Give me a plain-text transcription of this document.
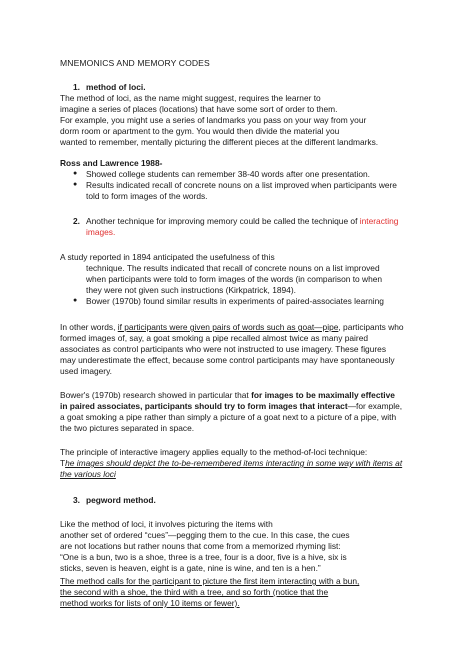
MNEMONICS AND MEMORY CODES
1. method of loci.
The method of loci, as the name might suggest, requires the learner to
imagine a series of places (locations) that have some sort of order to them.
For example, you might use a series of landmarks you pass on your way from your
dorm room or apartment to the gym. You would then divide the material you
wanted to remember, mentally picturing the different pieces at the different landmarks.
Ross and Lawrence 1988-
● Showed college students can remember 38-40 words after one presentation.
● Results indicated recall of concrete nouns on a list improved when participants were
told to form images of the words.
2. Another technique for improving memory could be called the technique of interacting
images.
A study reported in 1894 anticipated the usefulness of this
technique. The results indicated that recall of concrete nouns on a list improved
when participants were told to form images of the words (in comparison to when
they were not given such instructions (Kirkpatrick, 1894).
● Bower (1970b) found similar results in experiments of paired-associates learning
In other words, if participants were given pairs of words such as goat—pipe, participants who
formed images of, say, a goat smoking a pipe recalled almost twice as many paired
associates as control participants who were not instructed to use imagery. These figures
may underestimate the effect, because some control participants may have spontaneously
used imagery.
Bower's (1970b) research showed in particular that for images to be maximally effective
in paired associates, participants should try to form images that interact—for example,
a goat smoking a pipe rather than simply a picture of a goat next to a picture of a pipe, with
the two pictures separated in space.
The principle of interactive imagery applies equally to the method-of-loci technique:
The images should depict the to-be-remembered items interacting in some way with items at
the various loci
3. pegword method.
Like the method of loci, it involves picturing the items with
another set of ordered “cues”—pegging them to the cue. In this case, the cues
are not locations but rather nouns that come from a memorized rhyming list:
“One is a bun, two is a shoe, three is a tree, four is a door, five is a hive, six is
sticks, seven is heaven, eight is a gate, nine is wine, and ten is a hen.”
The method calls for the participant to picture the first item interacting with a bun,
the second with a shoe, the third with a tree, and so forth (notice that the
method works for lists of only 10 items or fewer).
